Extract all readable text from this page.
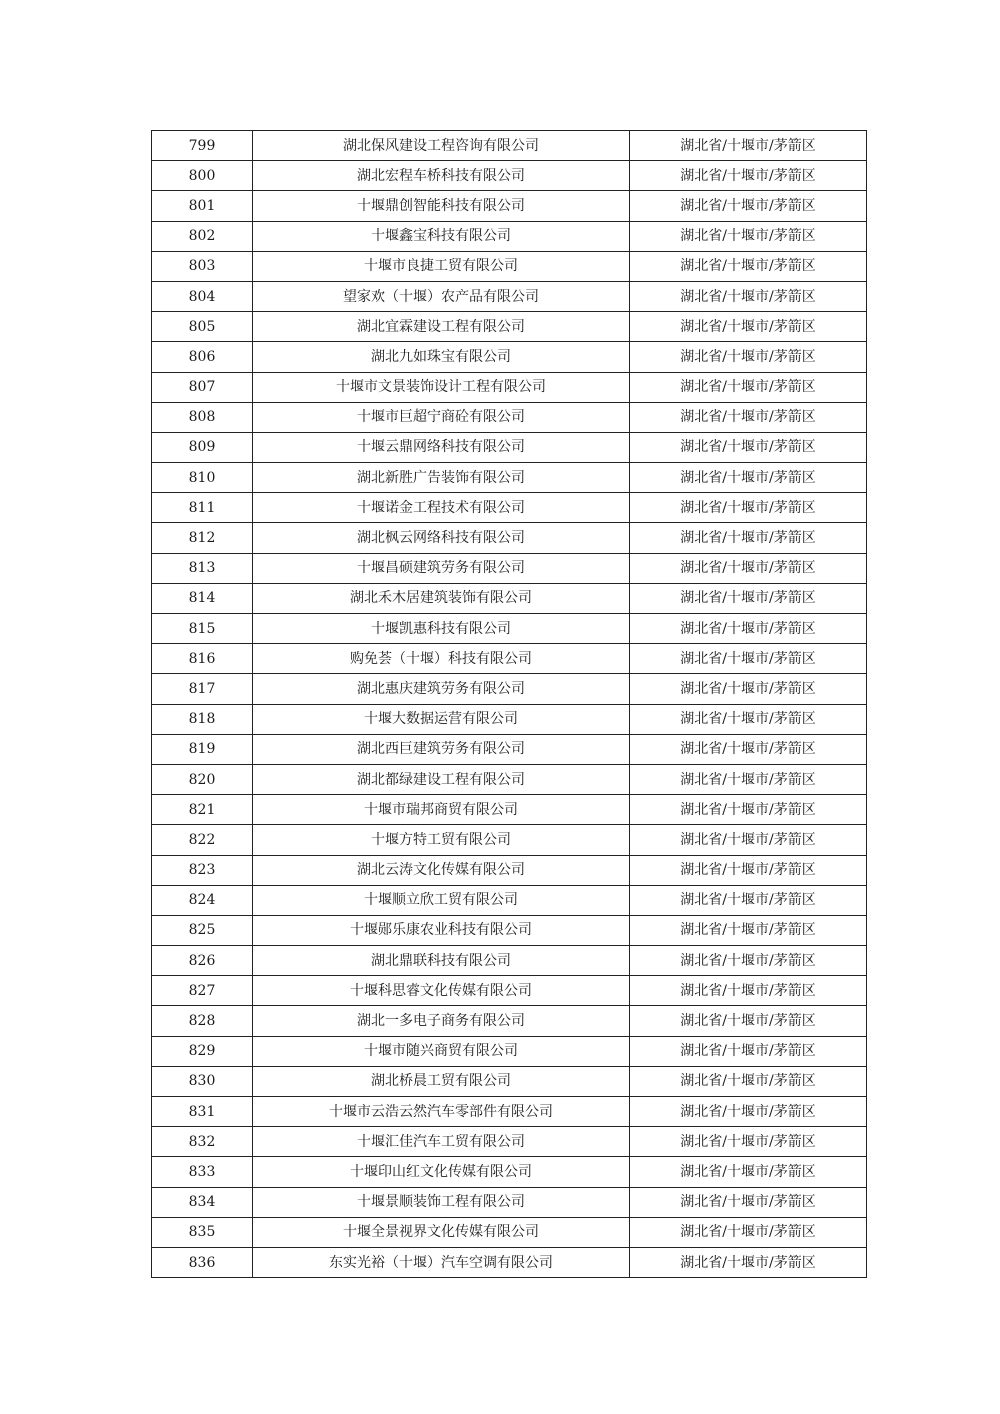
799	湖北保风建设工程咨询有限公司	湖北省/十堰市/茅箭区
800	湖北宏程车桥科技有限公司	湖北省/十堰市/茅箭区
801	十堰鼎创智能科技有限公司	湖北省/十堰市/茅箭区
802	十堰鑫宝科技有限公司	湖北省/十堰市/茅箭区
803	十堰市良捷工贸有限公司	湖北省/十堰市/茅箭区
804	望家欢（十堰）农产品有限公司	湖北省/十堰市/茅箭区
805	湖北宜霖建设工程有限公司	湖北省/十堰市/茅箭区
806	湖北九如珠宝有限公司	湖北省/十堰市/茅箭区
807	十堰市文景装饰设计工程有限公司	湖北省/十堰市/茅箭区
808	十堰市巨超宁商砼有限公司	湖北省/十堰市/茅箭区
809	十堰云鼎网络科技有限公司	湖北省/十堰市/茅箭区
810	湖北新胜广告装饰有限公司	湖北省/十堰市/茅箭区
811	十堰诺金工程技术有限公司	湖北省/十堰市/茅箭区
812	湖北枫云网络科技有限公司	湖北省/十堰市/茅箭区
813	十堰昌硕建筑劳务有限公司	湖北省/十堰市/茅箭区
814	湖北禾木居建筑装饰有限公司	湖北省/十堰市/茅箭区
815	十堰凯惠科技有限公司	湖北省/十堰市/茅箭区
816	购免荟（十堰）科技有限公司	湖北省/十堰市/茅箭区
817	湖北惠庆建筑劳务有限公司	湖北省/十堰市/茅箭区
818	十堰大数据运营有限公司	湖北省/十堰市/茅箭区
819	湖北西巨建筑劳务有限公司	湖北省/十堰市/茅箭区
820	湖北都绿建设工程有限公司	湖北省/十堰市/茅箭区
821	十堰市瑞邦商贸有限公司	湖北省/十堰市/茅箭区
822	十堰方特工贸有限公司	湖北省/十堰市/茅箭区
823	湖北云涛文化传媒有限公司	湖北省/十堰市/茅箭区
824	十堰顺立欣工贸有限公司	湖北省/十堰市/茅箭区
825	十堰郧乐康农业科技有限公司	湖北省/十堰市/茅箭区
826	湖北鼎联科技有限公司	湖北省/十堰市/茅箭区
827	十堰科思睿文化传媒有限公司	湖北省/十堰市/茅箭区
828	湖北一多电子商务有限公司	湖北省/十堰市/茅箭区
829	十堰市随兴商贸有限公司	湖北省/十堰市/茅箭区
830	湖北桥晨工贸有限公司	湖北省/十堰市/茅箭区
831	十堰市云浩云然汽车零部件有限公司	湖北省/十堰市/茅箭区
832	十堰汇佳汽车工贸有限公司	湖北省/十堰市/茅箭区
833	十堰印山红文化传媒有限公司	湖北省/十堰市/茅箭区
834	十堰景顺装饰工程有限公司	湖北省/十堰市/茅箭区
835	十堰全景视界文化传媒有限公司	湖北省/十堰市/茅箭区
836	东实光裕（十堰）汽车空调有限公司	湖北省/十堰市/茅箭区
